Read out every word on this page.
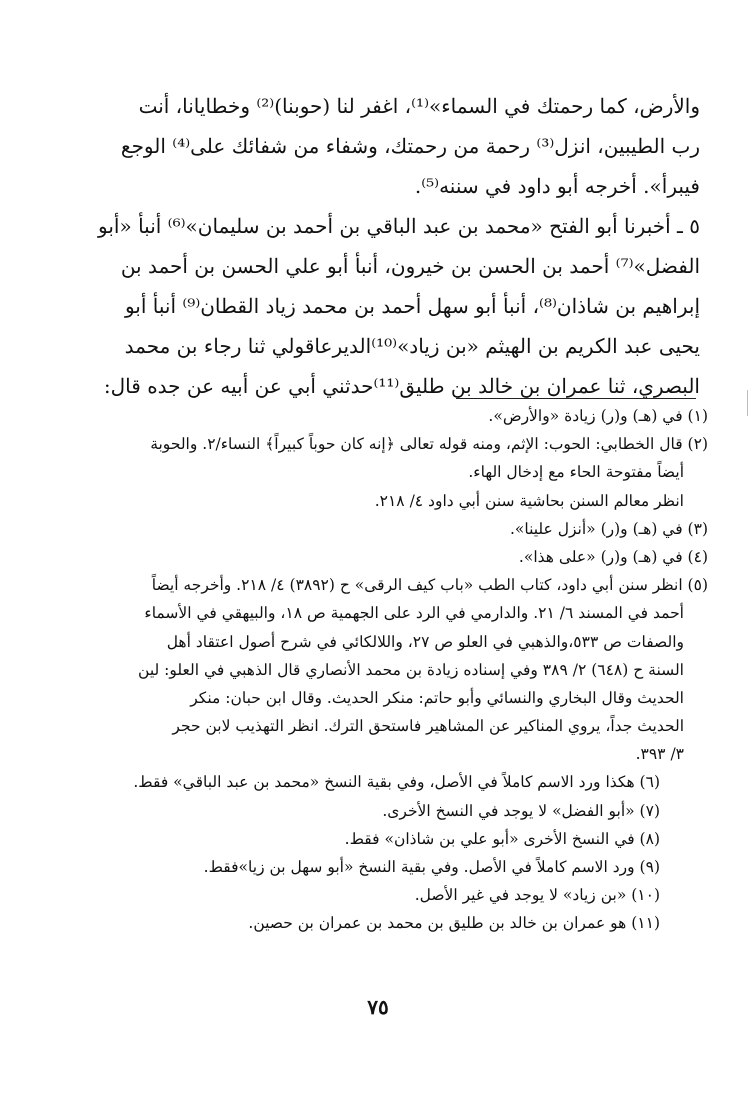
والأرض، كما رحمتك في السماء»⁽¹⁾، اغفر لنا (حوبنا)⁽²⁾ وخطايانا، أنت
رب الطيبين، انزل⁽³⁾ رحمة من رحمتك، وشفاء من شفائك على⁽⁴⁾ الوجع
فيبرأ». أخرجه أبو داود في سننه⁽⁵⁾.
٥ ـ أخبرنا أبو الفتح «محمد بن عبد الباقي بن أحمد بن سليمان»⁽⁶⁾ أنبأ «أبو
الفضل»⁽⁷⁾ أحمد بن الحسن بن خيرون، أنبأ أبو علي الحسن بن أحمد بن
إبراهيم بن شاذان⁽⁸⁾، أنبأ أبو سهل أحمد بن محمد زياد القطان⁽⁹⁾ أنبأ أبو
يحيى عبد الكريم بن الهيثم «بن زياد»⁽¹⁰⁾الديرعاقولي ثنا رجاء بن محمد
البصري، ثنا عمران بن خالد بن طليق⁽¹¹⁾حدثني أبي عن أبيه عن جده قال:
(١) في (هـ) و(ر) زيادة «والأرض».
(٢) قال الخطابي: الحوب: الإثم، ومنه قوله تعالى ﴿إنه كان حوباً كبيراً﴾ النساء/٢. والحوبة
أيضاً مفتوحة الحاء مع إدخال الهاء.
انظر معالم السنن بحاشية سنن أبي داود ٤/ ٢١٨.
(٣) في (هـ) و(ر) «أنزل علينا».
(٤) في (هـ) و(ر) «على هذا».
(٥) انظر سنن أبي داود، كتاب الطب «باب كيف الرقى» ح (٣٨٩٢) ٤/ ٢١٨. وأخرجه أيضاً
أحمد في المسند ٦/ ٢١. والدارمي في الرد على الجهمية ص ١٨، والبيهقي في الأسماء
والصفات ص ٥٣٣،والذهبي في العلو ص ٢٧، واللالكائي في شرح أصول اعتقاد أهل
السنة ح (٦٤٨) ٢/ ٣٨٩ وفي إسناده زيادة بن محمد الأنصاري قال الذهبي في العلو: لين
الحديث وقال البخاري والنسائي وأبو حاتم: منكر الحديث. وقال ابن حبان: منكر
الحديث جداً، يروي المناكير عن المشاهير فاستحق الترك. انظر التهذيب لابن حجر
٣/ ٣٩٣.
(٦) هكذا ورد الاسم كاملاً في الأصل، وفي بقية النسخ «محمد بن عبد الباقي» فقط.
(٧) «أبو الفضل» لا يوجد في النسخ الأخرى.
(٨) في النسخ الأخرى «أبو علي بن شاذان» فقط.
(٩) ورد الاسم كاملاً في الأصل. وفي بقية النسخ «أبو سهل بن زيا»فقط.
(١٠) «بن زياد» لا يوجد في غير الأصل.
(١١) هو عمران بن خالد بن طليق بن محمد بن عمران بن حصين.
٧٥
